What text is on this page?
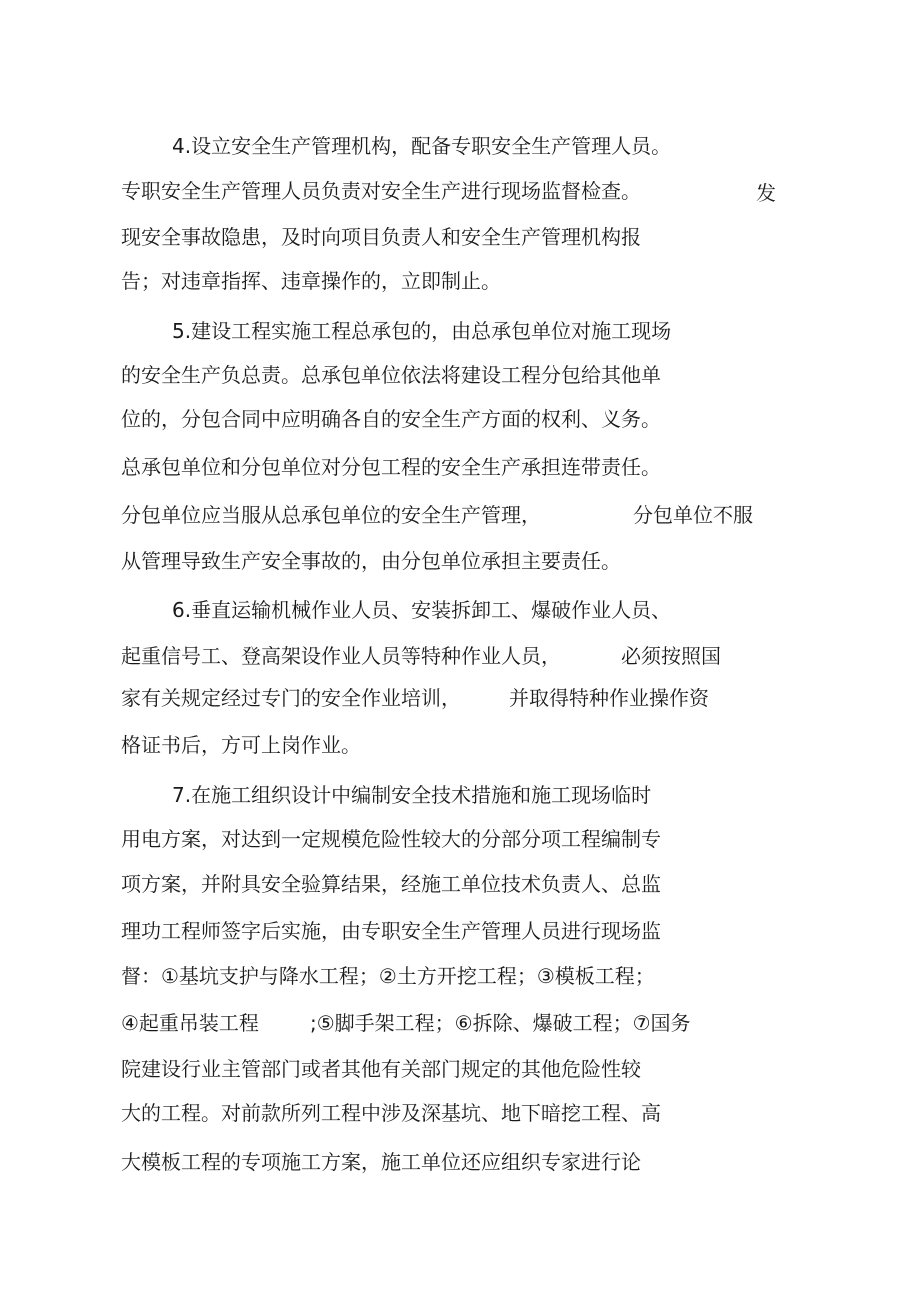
4.设立安全生产管理机构，配备专职安全生产管理人员。
专职安全生产管理人员负责对安全生产进行现场监督检查。	发
现安全事故隐患，及时向项目负责人和安全生产管理机构报
告；对违章指挥、违章操作的，立即制止。
5.建设工程实施工程总承包的，由总承包单位对施工现场
的安全生产负总责。总承包单位依法将建设工程分包给其他单
位的，分包合同中应明确各自的安全生产方面的权利、义务。
总承包单位和分包单位对分包工程的安全生产承担连带责任。
分包单位应当服从总承包单位的安全生产管理，	分包单位不服
从管理导致生产安全事故的，由分包单位承担主要责任。
6.垂直运输机械作业人员、安装拆卸工、爆破作业人员、
起重信号工、登高架设作业人员等特种作业人员，	必须按照国
家有关规定经过专门的安全作业培训， 并取得特种作业操作资
格证书后，方可上岗作业。
7.在施工组织设计中编制安全技术措施和施工现场临时
用电方案，对达到一定规模危险性较大的分部分项工程编制专
项方案，并附具安全验算结果，经施工单位技术负责人、总监
理功工程师签字后实施，由专职安全生产管理人员进行现场监
督：①基坑支护与降水工程；②土方开挖工程；③模板工程；
④起重吊装工程	;⑤脚手架工程；⑥拆除、爆破工程；⑦国务
院建设行业主管部门或者其他有关部门规定的其他危险性较
大的工程。对前款所列工程中涉及深基坑、地下暗挖工程、高
大模板工程的专项施工方案，施工单位还应组织专家进行论
